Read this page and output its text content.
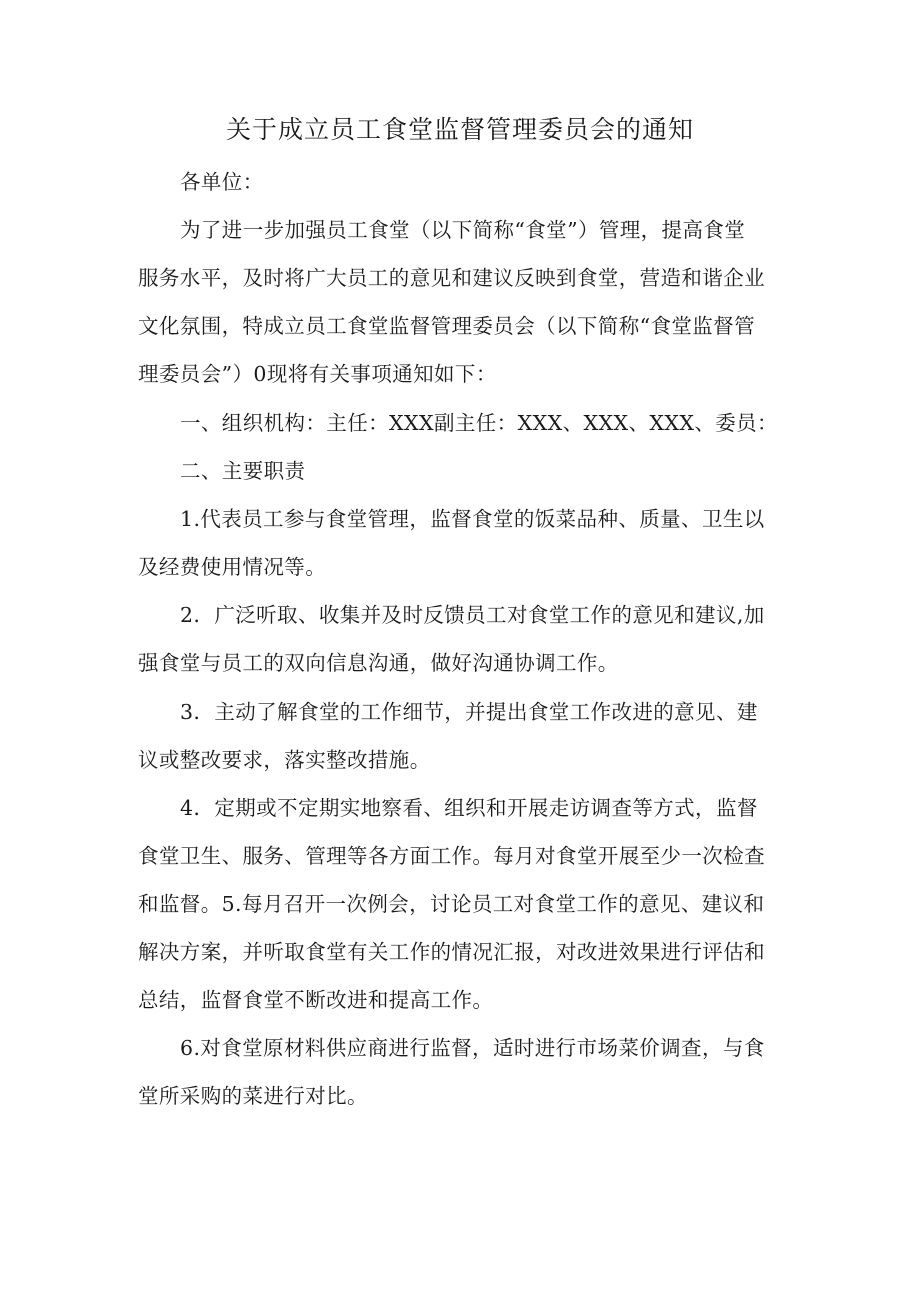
关于成立员工食堂监督管理委员会的通知
各单位：
为了进一步加强员工食堂（以下简称“食堂”）管理，提高食堂
服务水平，及时将广大员工的意见和建议反映到食堂，营造和谐企业
文化氛围，特成立员工食堂监督管理委员会（以下简称“食堂监督管
理委员会”）0现将有关事项通知如下：
一、组织机构：主任：XXX副主任：XXX、XXX、XXX、委员：
二、主要职责
1.代表员工参与食堂管理，监督食堂的饭菜品种、质量、卫生以
及经费使用情况等。
2．广泛听取、收集并及时反馈员工对食堂工作的意见和建议,加
强食堂与员工的双向信息沟通，做好沟通协调工作。
3．主动了解食堂的工作细节，并提出食堂工作改进的意见、建
议或整改要求，落实整改措施。
4．定期或不定期实地察看、组织和开展走访调查等方式，监督
食堂卫生、服务、管理等各方面工作。每月对食堂开展至少一次检查
和监督。5.每月召开一次例会，讨论员工对食堂工作的意见、建议和
解决方案，并听取食堂有关工作的情况汇报，对改进效果进行评估和
总结，监督食堂不断改进和提高工作。
6.对食堂原材料供应商进行监督，适时进行市场菜价调查，与食
堂所采购的菜进行对比。
